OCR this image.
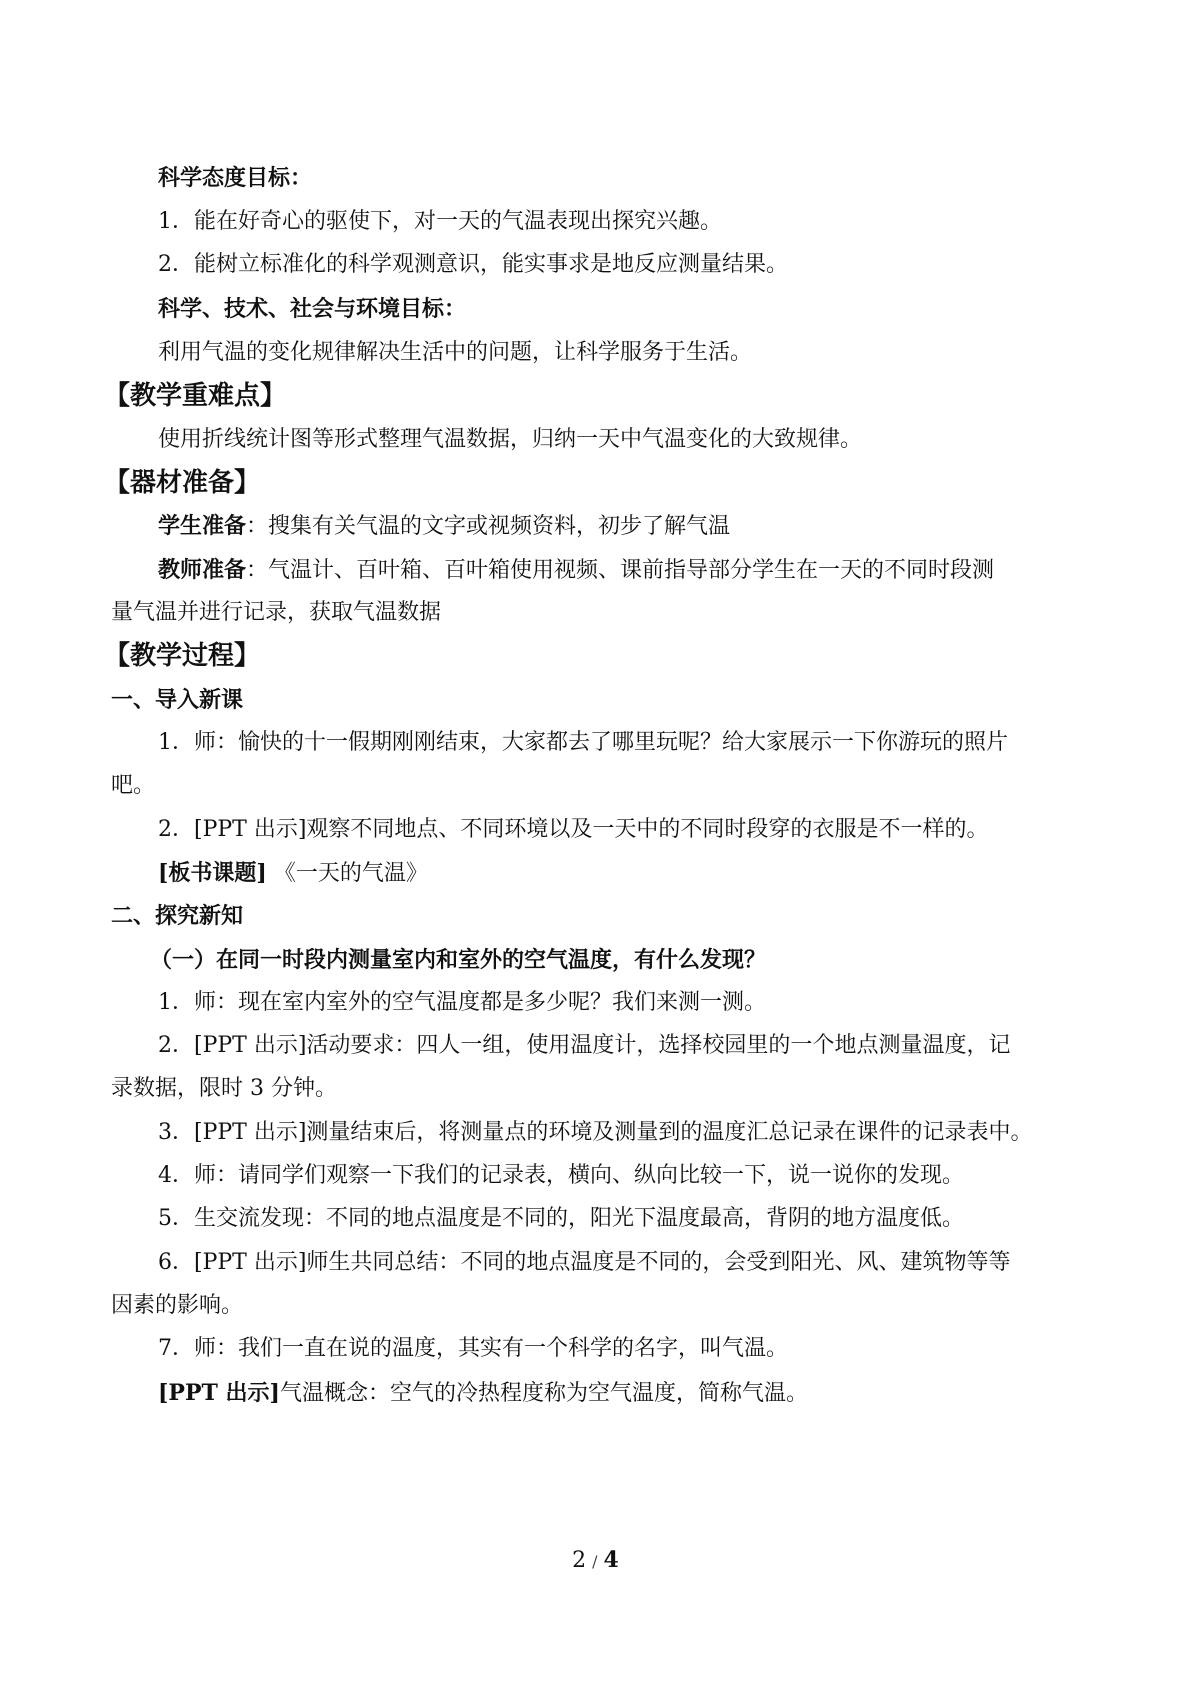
科学态度目标：
1．能在好奇心的驱使下，对一天的气温表现出探究兴趣。
2．能树立标准化的科学观测意识，能实事求是地反应测量结果。
科学、技术、社会与环境目标：
利用气温的变化规律解决生活中的问题，让科学服务于生活。
【教学重难点】
使用折线统计图等形式整理气温数据，归纳一天中气温变化的大致规律。
【器材准备】
学生准备：搜集有关气温的文字或视频资料，初步了解气温
教师准备：气温计、百叶箱、百叶箱使用视频、课前指导部分学生在一天的不同时段测
量气温并进行记录，获取气温数据
【教学过程】
一、导入新课
1．师：愉快的十一假期刚刚结束，大家都去了哪里玩呢？给大家展示一下你游玩的照片
吧。
2．[PPT 出示]观察不同地点、不同环境以及一天中的不同时段穿的衣服是不一样的。
[板书课题] 《一天的气温》
二、探究新知
（一）在同一时段内测量室内和室外的空气温度，有什么发现？
1．师：现在室内室外的空气温度都是多少呢？我们来测一测。
2．[PPT 出示]活动要求：四人一组，使用温度计，选择校园里的一个地点测量温度，记
录数据，限时 3 分钟。
3．[PPT 出示]测量结束后，将测量点的环境及测量到的温度汇总记录在课件的记录表中。
4．师：请同学们观察一下我们的记录表，横向、纵向比较一下，说一说你的发现。
5．生交流发现：不同的地点温度是不同的，阳光下温度最高，背阴的地方温度低。
6．[PPT 出示]师生共同总结：不同的地点温度是不同的，会受到阳光、风、建筑物等等
因素的影响。
7．师：我们一直在说的温度，其实有一个科学的名字，叫气温。
[PPT 出示]气温概念：空气的冷热程度称为空气温度，简称气温。
2 / 4
